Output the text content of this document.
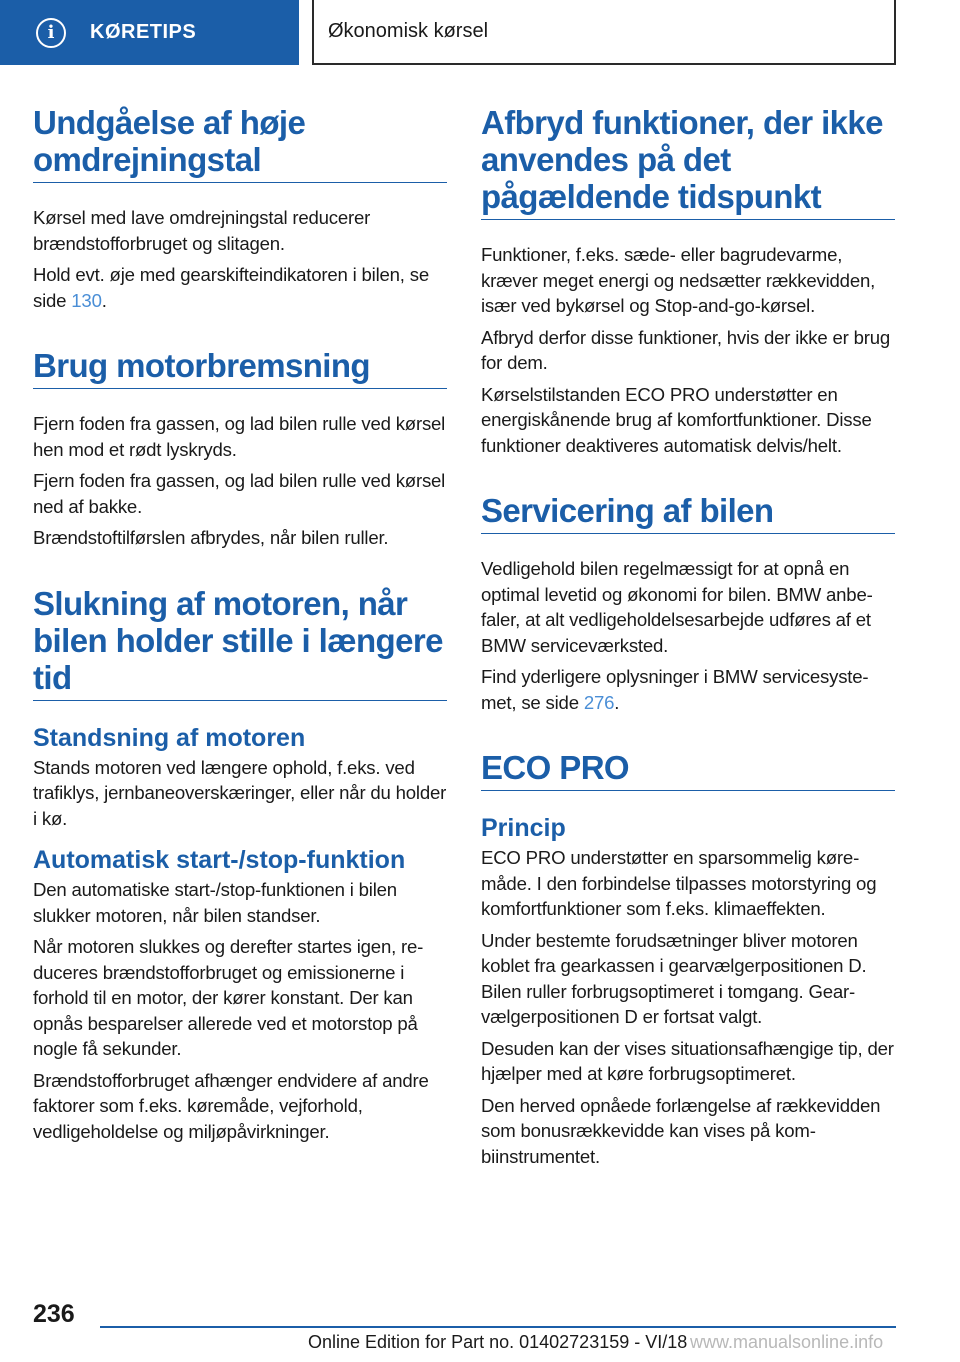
i	KØRETIPS	Økonomisk kørsel
Undgåelse af høje omdrejningstal

Kørsel med lave omdrejningstal reducerer brændstofforbruget og slitagen.

Hold evt. øje med gearskifteindikatoren i bilen, se side 130.

Brug motorbremsning

Fjern foden fra gassen, og lad bilen rulle ved kørsel hen mod et rødt lyskryds.

Fjern foden fra gassen, og lad bilen rulle ved kørsel ned af bakke.

Brændstoftilførslen afbrydes, når bilen ruller.

Slukning af motoren, når bilen holder stille i længere tid
Standsning af motoren

Stands motoren ved længere ophold, f.eks. ved trafiklys, jernbaneoverskæringer, eller når du holder i kø.

Automatisk start-/stop-funktion

Den automatiske start-/stop-funktionen i bilen slukker motoren, når bilen standser.

Når motoren slukkes og derefter startes igen, reduceres brændstofforbruget og emissionerne i forhold til en motor, der kører konstant. Der kan opnås besparelser allerede ved et motorstop på nogle få sekunder.

Brændstofforbruget afhænger endvidere af andre faktorer som f.eks. køremåde, vejforhold, vedligeholdelse og miljøpåvirkninger.

Afbryd funktioner, der ikke anvendes på det pågældende tidspunkt

Funktioner, f.eks. sæde- eller bagrudevarme, kræver meget energi og nedsætter rækkevidden, især ved bykørsel og Stop-and-go-kørsel.

Afbryd derfor disse funktioner, hvis der ikke er brug for dem.

Kørselstilstanden ECO PRO understøtter en energiskånende brug af komfortfunktioner. Disse funktioner deaktiveres automatisk delvis/helt.

Servicering af bilen

Vedligehold bilen regelmæssigt for at opnå en optimal levetid og økonomi for bilen. BMW anbefaler, at alt vedligeholdelsesarbejde udføres af et BMW serviceværksted.

Find yderligere oplysninger i BMW servicesystemet, se side 276.

ECO PRO
Princip

ECO PRO understøtter en sparsommelig køremåde. I den forbindelse tilpasses motorstyring og komfortfunktioner som f.eks. klimaeffekten.

Under bestemte forudsætninger bliver motoren koblet fra gearkassen i gearvælgerpositionen D. Bilen ruller forbrugsoptimeret i tomgang. Gearvælgerpositionen D er fortsat valgt.

Desuden kan der vises situationsafhængige tip, der hjælper med at køre forbrugsoptimeret.

Den herved opnåede forlængelse af rækkevidden som bonusrækkevidde kan vises på kombiinstrumentet.

236
Online Edition for Part no. 01402723159 - VI/18 www.manualsonline.info
